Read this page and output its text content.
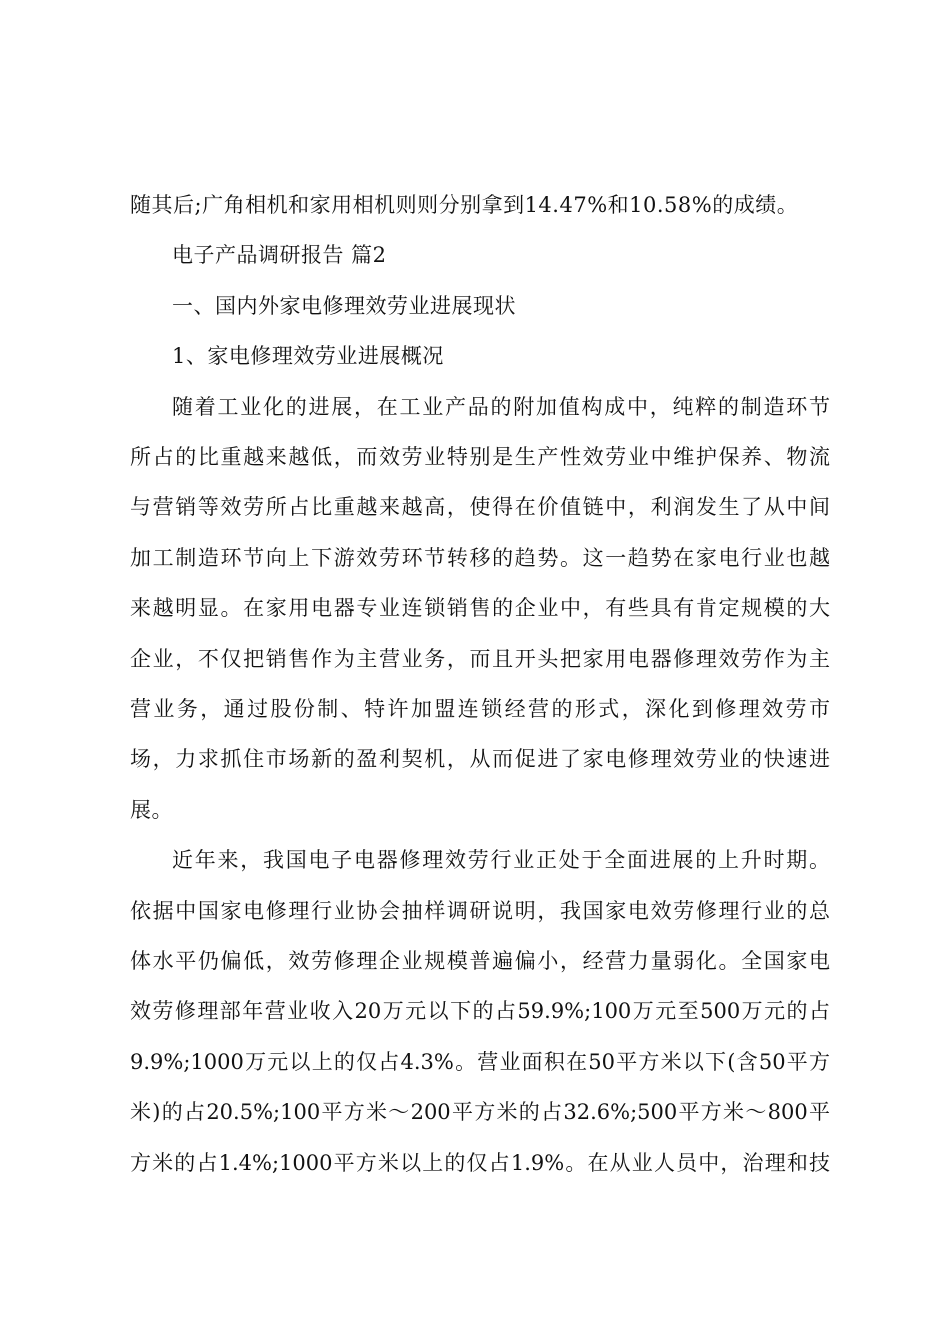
随其后;广角相机和家用相机则则分别拿到14.47%和10.58%的成绩。
电子产品调研报告 篇2
一、国内外家电修理效劳业进展现状
1、家电修理效劳业进展概况
随着工业化的进展，在工业产品的附加值构成中，纯粹的制造环节
所占的比重越来越低，而效劳业特别是生产性效劳业中维护保养、物流
与营销等效劳所占比重越来越高，使得在价值链中，利润发生了从中间
加工制造环节向上下游效劳环节转移的趋势。这一趋势在家电行业也越
来越明显。在家用电器专业连锁销售的企业中，有些具有肯定规模的大
企业，不仅把销售作为主营业务，而且开头把家用电器修理效劳作为主
营业务，通过股份制、特许加盟连锁经营的形式，深化到修理效劳市
场，力求抓住市场新的盈利契机，从而促进了家电修理效劳业的快速进
展。
近年来，我国电子电器修理效劳行业正处于全面进展的上升时期。
依据中国家电修理行业协会抽样调研说明，我国家电效劳修理行业的总
体水平仍偏低，效劳修理企业规模普遍偏小，经营力量弱化。全国家电
效劳修理部年营业收入20万元以下的占59.9%;100万元至500万元的占
9.9%;1000万元以上的仅占4.3%。营业面积在50平方米以下(含50平方
米)的占20.5%;100平方米～200平方米的占32.6%;500平方米～800平
方米的占1.4%;1000平方米以上的仅占1.9%。在从业人员中，治理和技
